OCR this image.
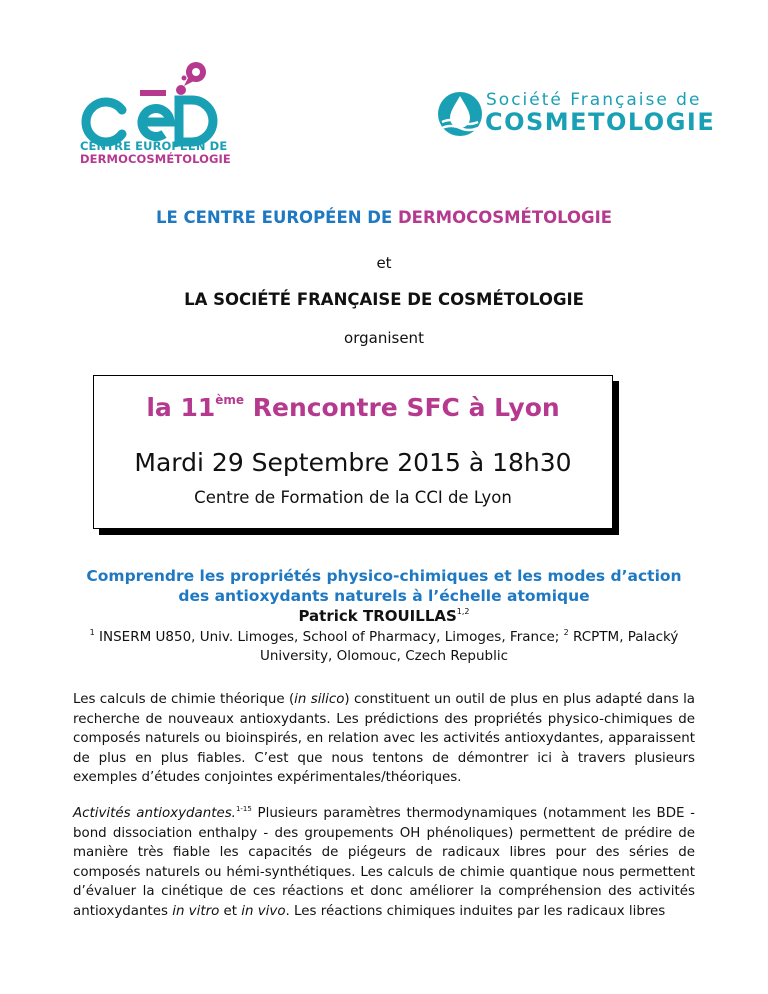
CENTRE EUROPÉEN DE
DERMOCOSMÉTOLOGIE
Société Française de
COSMETOLOGIE
LE CENTRE EUROPÉEN DE DERMOCOSMÉTOLOGIE
et
LA SOCIÉTÉ FRANÇAISE DE COSMÉTOLOGIE
organisent
la 11ème Rencontre SFC à Lyon
Mardi 29 Septembre 2015 à 18h30
Centre de Formation de la CCI de Lyon
Comprendre les propriétés physico-chimiques et les modes d’action
des antioxydants naturels à l’échelle atomique
Patrick TROUILLAS$^{1,2}$
$^1$ INSERM U850, Univ. Limoges, School of Pharmacy, Limoges, France; $^2$ RCPTM, Palacký
University, Olomouc, Czech Republic
Les calculs de chimie théorique (in silico) constituent un outil de plus en plus adapté dans la recherche de nouveaux antioxydants. Les prédictions des propriétés physico-chimiques de composés naturels ou bioinspirés, en relation avec les activités antioxydantes, apparaissent de plus en plus fiables. C’est que nous tentons de démontrer ici à travers plusieurs exemples d’études conjointes expérimentales/théoriques.
Activités antioxydantes.$^{1-15}$ Plusieurs paramètres thermodynamiques (notamment les BDE - bond dissociation enthalpy - des groupements OH phénoliques) permettent de prédire de manière très fiable les capacités de piégeurs de radicaux libres pour des séries de composés naturels ou hémi-synthétiques. Les calculs de chimie quantique nous permettent d’évaluer la cinétique de ces réactions et donc améliorer la compréhension des activités antioxydantes in vitro et in vivo. Les réactions chimiques induites par les radicaux libres
